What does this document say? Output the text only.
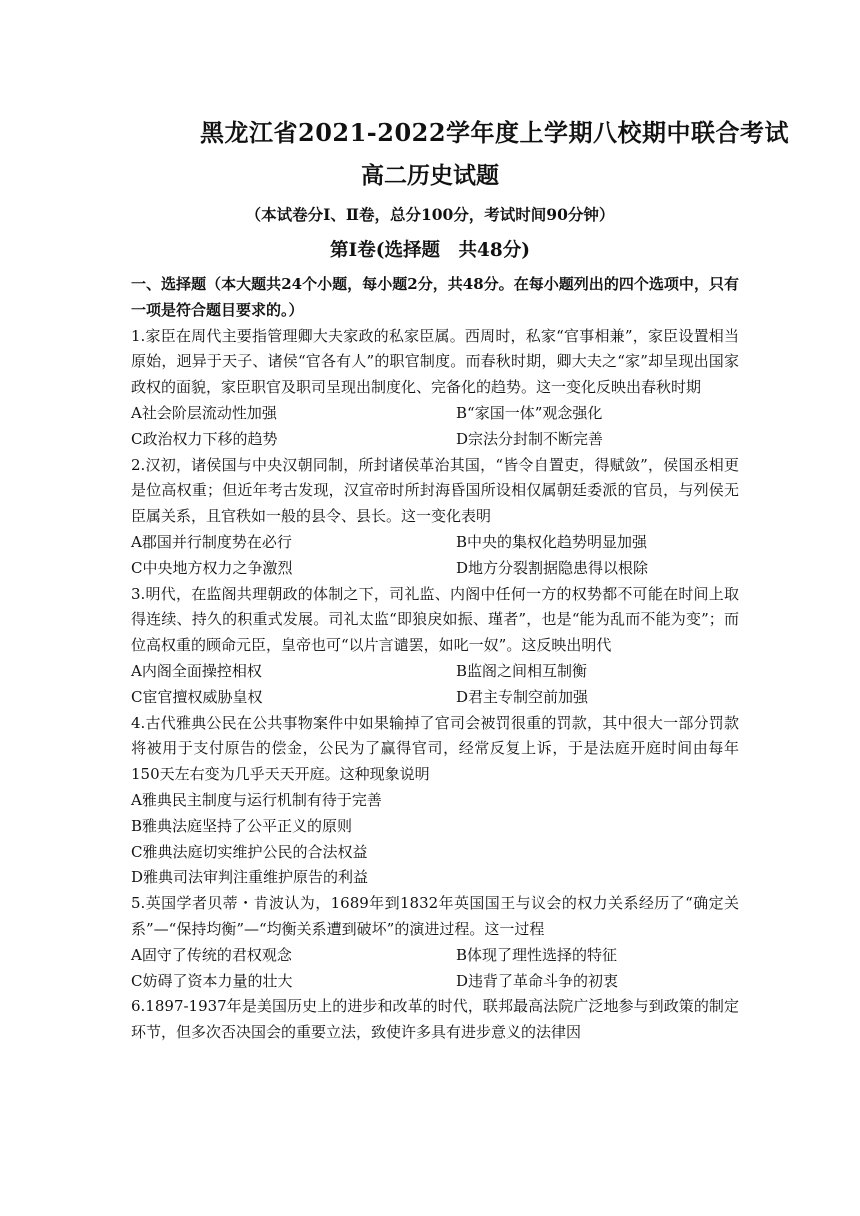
黑龙江省2021-2022学年度上学期八校期中联合考试
高二历史试题
（本试卷分Ⅰ、Ⅱ卷，总分100分，考试时间90分钟）
第Ⅰ卷(选择题　共48分)

一、选择题（本大题共24个小题，每小题2分，共48分。在每小题列出的四个选项中，只有一项是符合题目要求的。）

1.家臣在周代主要指管理卿大夫家政的私家臣属。西周时，私家“官事相兼”，家臣设置相当原始，迥异于天子、诸侯“官各有人”的职官制度。而春秋时期，卿大夫之“家”却呈现出国家政权的面貌，家臣职官及职司呈现出制度化、完备化的趋势。这一变化反映出春秋时期

A社会阶层流动性加强	B“家国一体”观念强化
C政治权力下移的趋势	D宗法分封制不断完善

2.汉初，诸侯国与中央汉朝同制，所封诸侯革治其国，“皆令自置吏，得赋敛”，侯国丞相更是位高权重；但近年考古发现，汉宣帝时所封海昏国所设相仅属朝廷委派的官员，与列侯无臣属关系，且官秩如一般的县令、县长。这一变化表明

A郡国并行制度势在必行	B中央的集权化趋势明显加强
C中央地方权力之争激烈	D地方分裂割据隐患得以根除

3.明代，在监阁共理朝政的体制之下，司礼监、内阁中任何一方的权势都不可能在时间上取得连续、持久的积重式发展。司礼太监“即狼戾如振、瑾者”，也是“能为乱而不能为变”；而位高权重的顾命元臣，皇帝也可“以片言谴罢，如叱一奴”。这反映出明代

A内阁全面操控相权	B监阁之间相互制衡
C宦官擅权威胁皇权	D君主专制空前加强

4.古代雅典公民在公共事物案件中如果输掉了官司会被罚很重的罚款，其中很大一部分罚款将被用于支付原告的偿金，公民为了赢得官司，经常反复上诉，于是法庭开庭时间由每年150天左右变为几乎天天开庭。这种现象说明

A雅典民主制度与运行机制有待于完善
B雅典法庭坚持了公平正义的原则
C雅典法庭切实维护公民的合法权益
D雅典司法审判注重维护原告的利益

5.英国学者贝蒂・肯波认为，1689年到1832年英国国王与议会的权力关系经历了“确定关系”—“保持均衡”—“均衡关系遭到破坏”的演进过程。这一过程

A固守了传统的君权观念	B体现了理性选择的特征
C妨碍了资本力量的壮大	D违背了革命斗争的初衷

6.1897-1937年是美国历史上的进步和改革的时代，联邦最高法院广泛地参与到政策的制定环节，但多次否决国会的重要立法，致使许多具有进步意义的法律因
